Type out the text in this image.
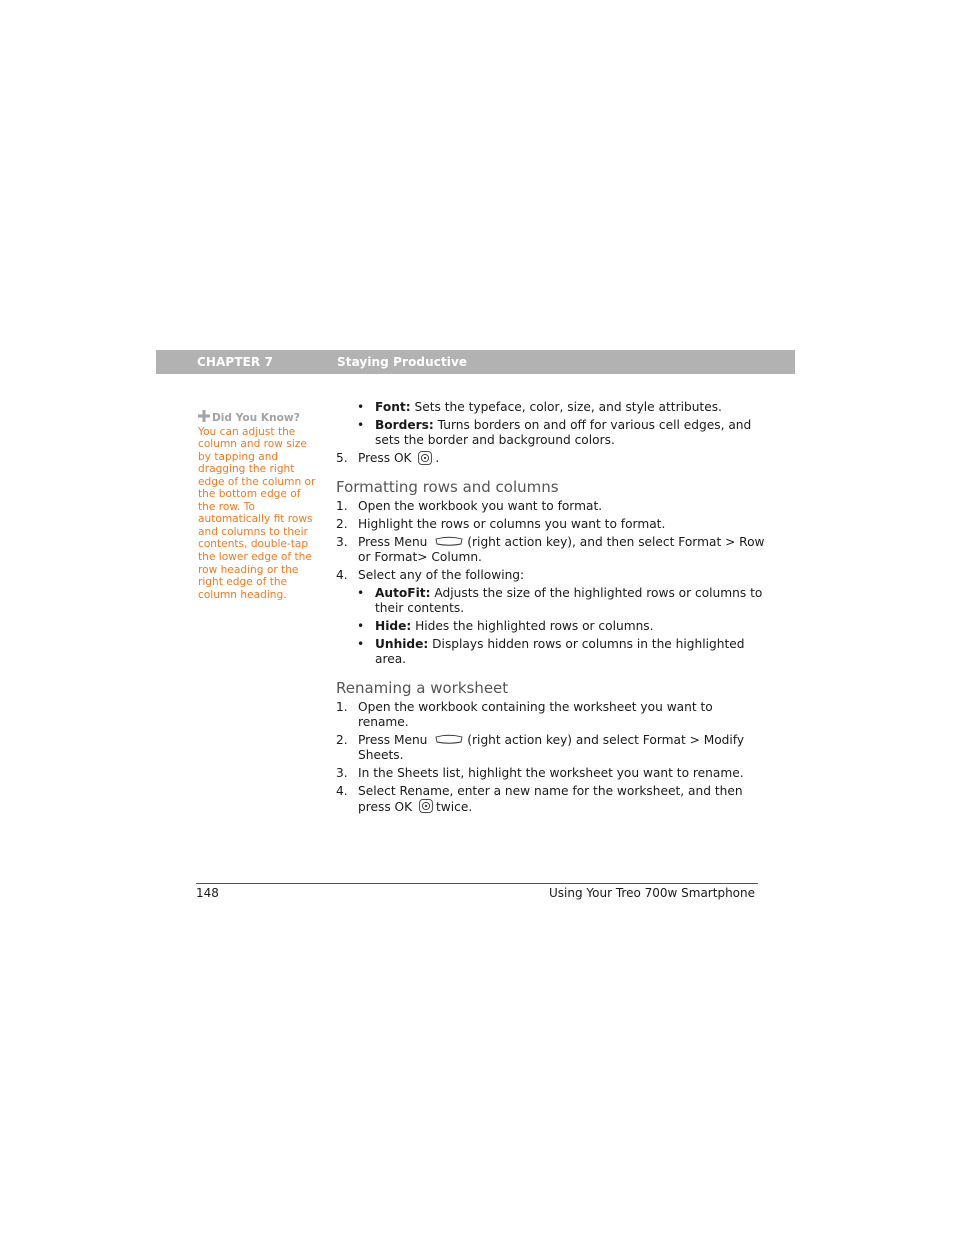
CHAPTER 7	Staying Productive
Did You Know?
You can adjust the
column and row size
by tapping and
dragging the right
edge of the column or
the bottom edge of
the row. To
automatically fit rows
and columns to their
contents, double-tap
the lower edge of the
row heading or the
right edge of the
column heading.
• Font: Sets the typeface, color, size, and style attributes.
• Borders: Turns borders on and off for various cell edges, and sets the border and background colors.
5. Press OK .
Formatting rows and columns
1. Open the workbook you want to format.
2. Highlight the rows or columns you want to format.
3. Press Menu	(right action key), and then select Format > Row or Format> Column.
4. Select any of the following:
• AutoFit: Adjusts the size of the highlighted rows or columns to their contents.
• Hide: Hides the highlighted rows or columns.
• Unhide: Displays hidden rows or columns in the highlighted area.
Renaming a worksheet
1. Open the workbook containing the worksheet you want to rename.
2. Press Menu	(right action key) and select Format > Modify Sheets.
3. In the Sheets list, highlight the worksheet you want to rename.
4. Select Rename, enter a new name for the worksheet, and then press OK twice.
148	Using Your Treo 700w Smartphone
